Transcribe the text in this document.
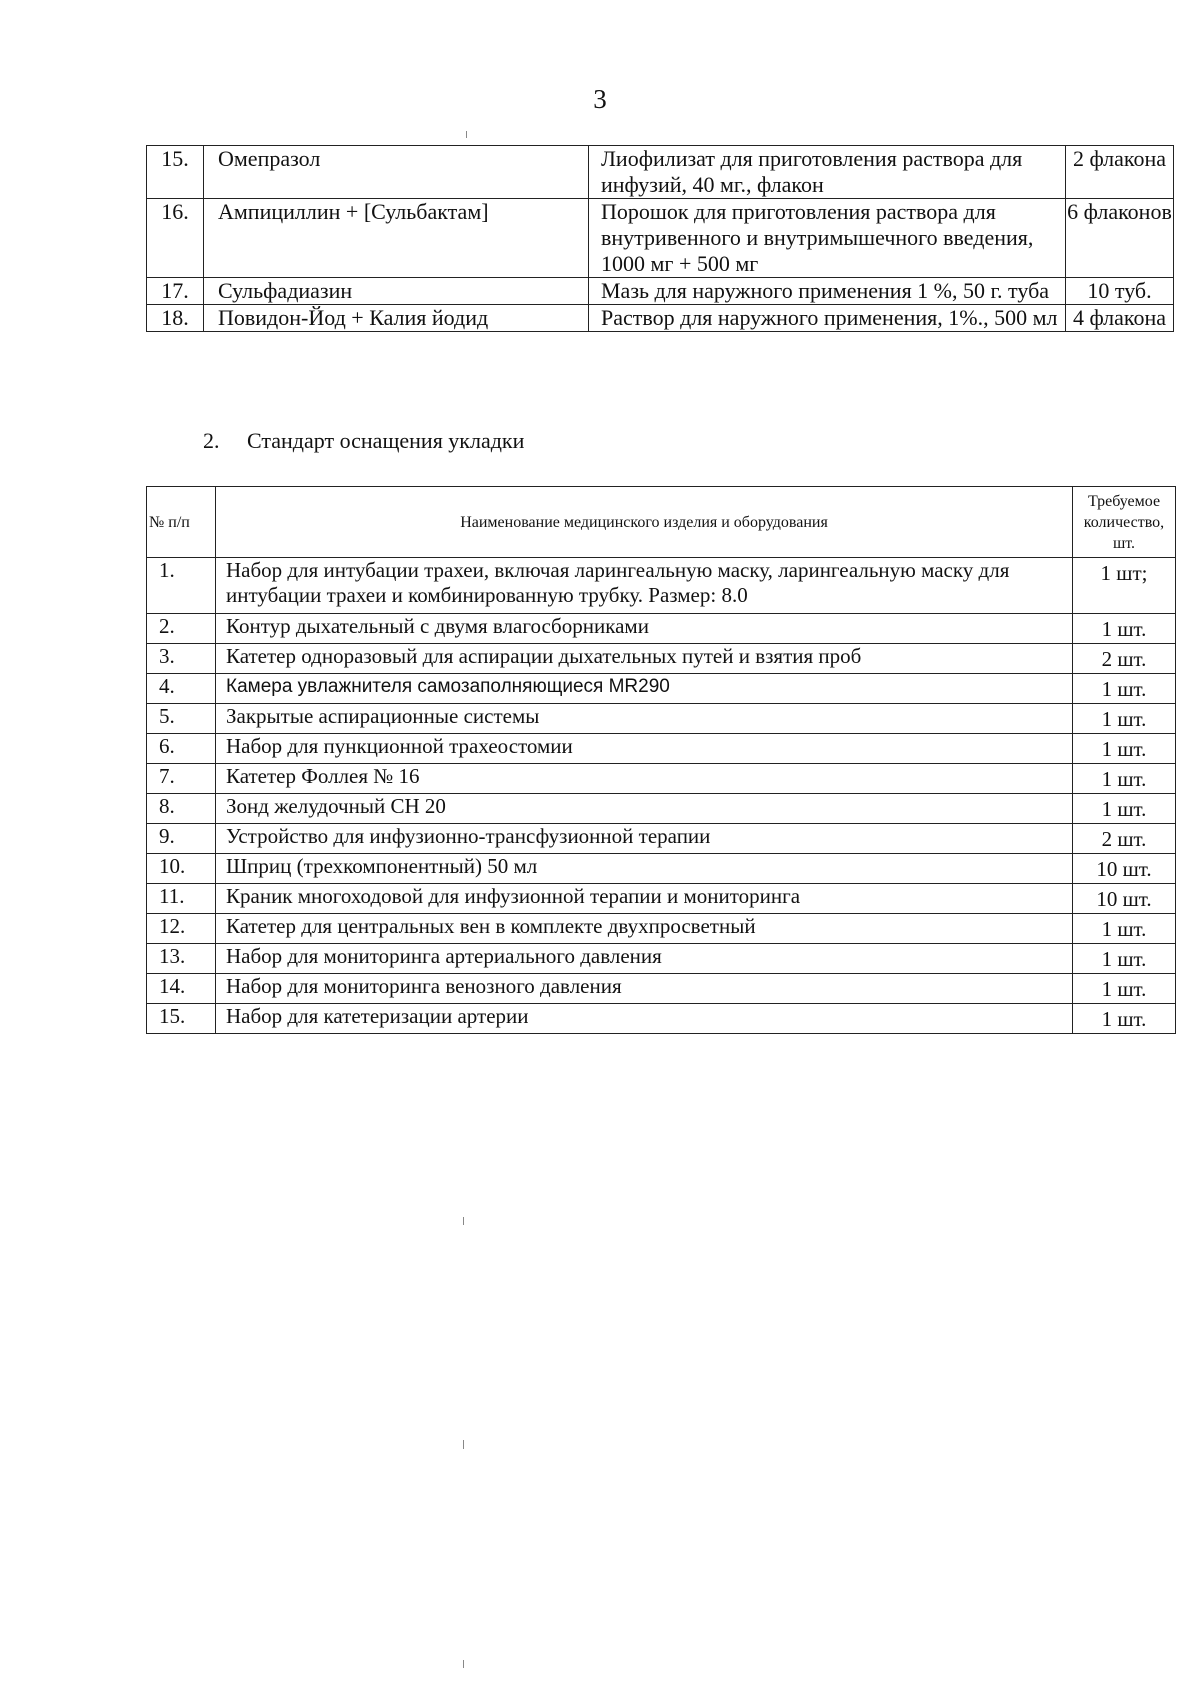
3
15.	Омепразол	Лиофилизат для приготовления раствора для инфузий, 40 мг., флакон	2 флакона
16.	Ампициллин + [Сульбактам]	Порошок для приготовления раствора для внутривенного и внутримышечного введения, 1000 мг + 500 мг	6 флаконов
17.	Сульфадиазин	Мазь для наружного применения 1 %, 50 г. туба	10 туб.
18.	Повидон-Йод + Калия йодид	Раствор для наружного применения, 1%., 500 мл	4 флакона
2. Стандарт оснащения укладки
№ п/п	Наименование медицинского изделия и оборудования	Требуемое количество, шт.
1.	Набор для интубации трахеи, включая ларингеальную маску, ларингеальную маску для интубации трахеи и комбинированную трубку. Размер: 8.0	1 шт;
2.	Контур дыхательный с двумя влагосборниками	1 шт.
3.	Катетер одноразовый для аспирации дыхательных путей и взятия проб	2 шт.
4.	Камера увлажнителя самозаполняющиеся MR290	1 шт.
5.	Закрытые аспирационные системы	1 шт.
6.	Набор для пункционной трахеостомии	1 шт.
7.	Катетер Фоллея № 16	1 шт.
8.	Зонд желудочный CH 20	1 шт.
9.	Устройство для инфузионно-трансфузионной терапии	2 шт.
10.	Шприц (трехкомпонентный) 50 мл	10 шт.
11.	Краник многоходовой для инфузионной терапии и мониторинга	10 шт.
12.	Катетер для центральных вен в комплекте двухпросветный	1 шт.
13.	Набор для мониторинга артериального давления	1 шт.
14.	Набор для мониторинга венозного давления	1 шт.
15.	Набор для катетеризации артерии	1 шт.
